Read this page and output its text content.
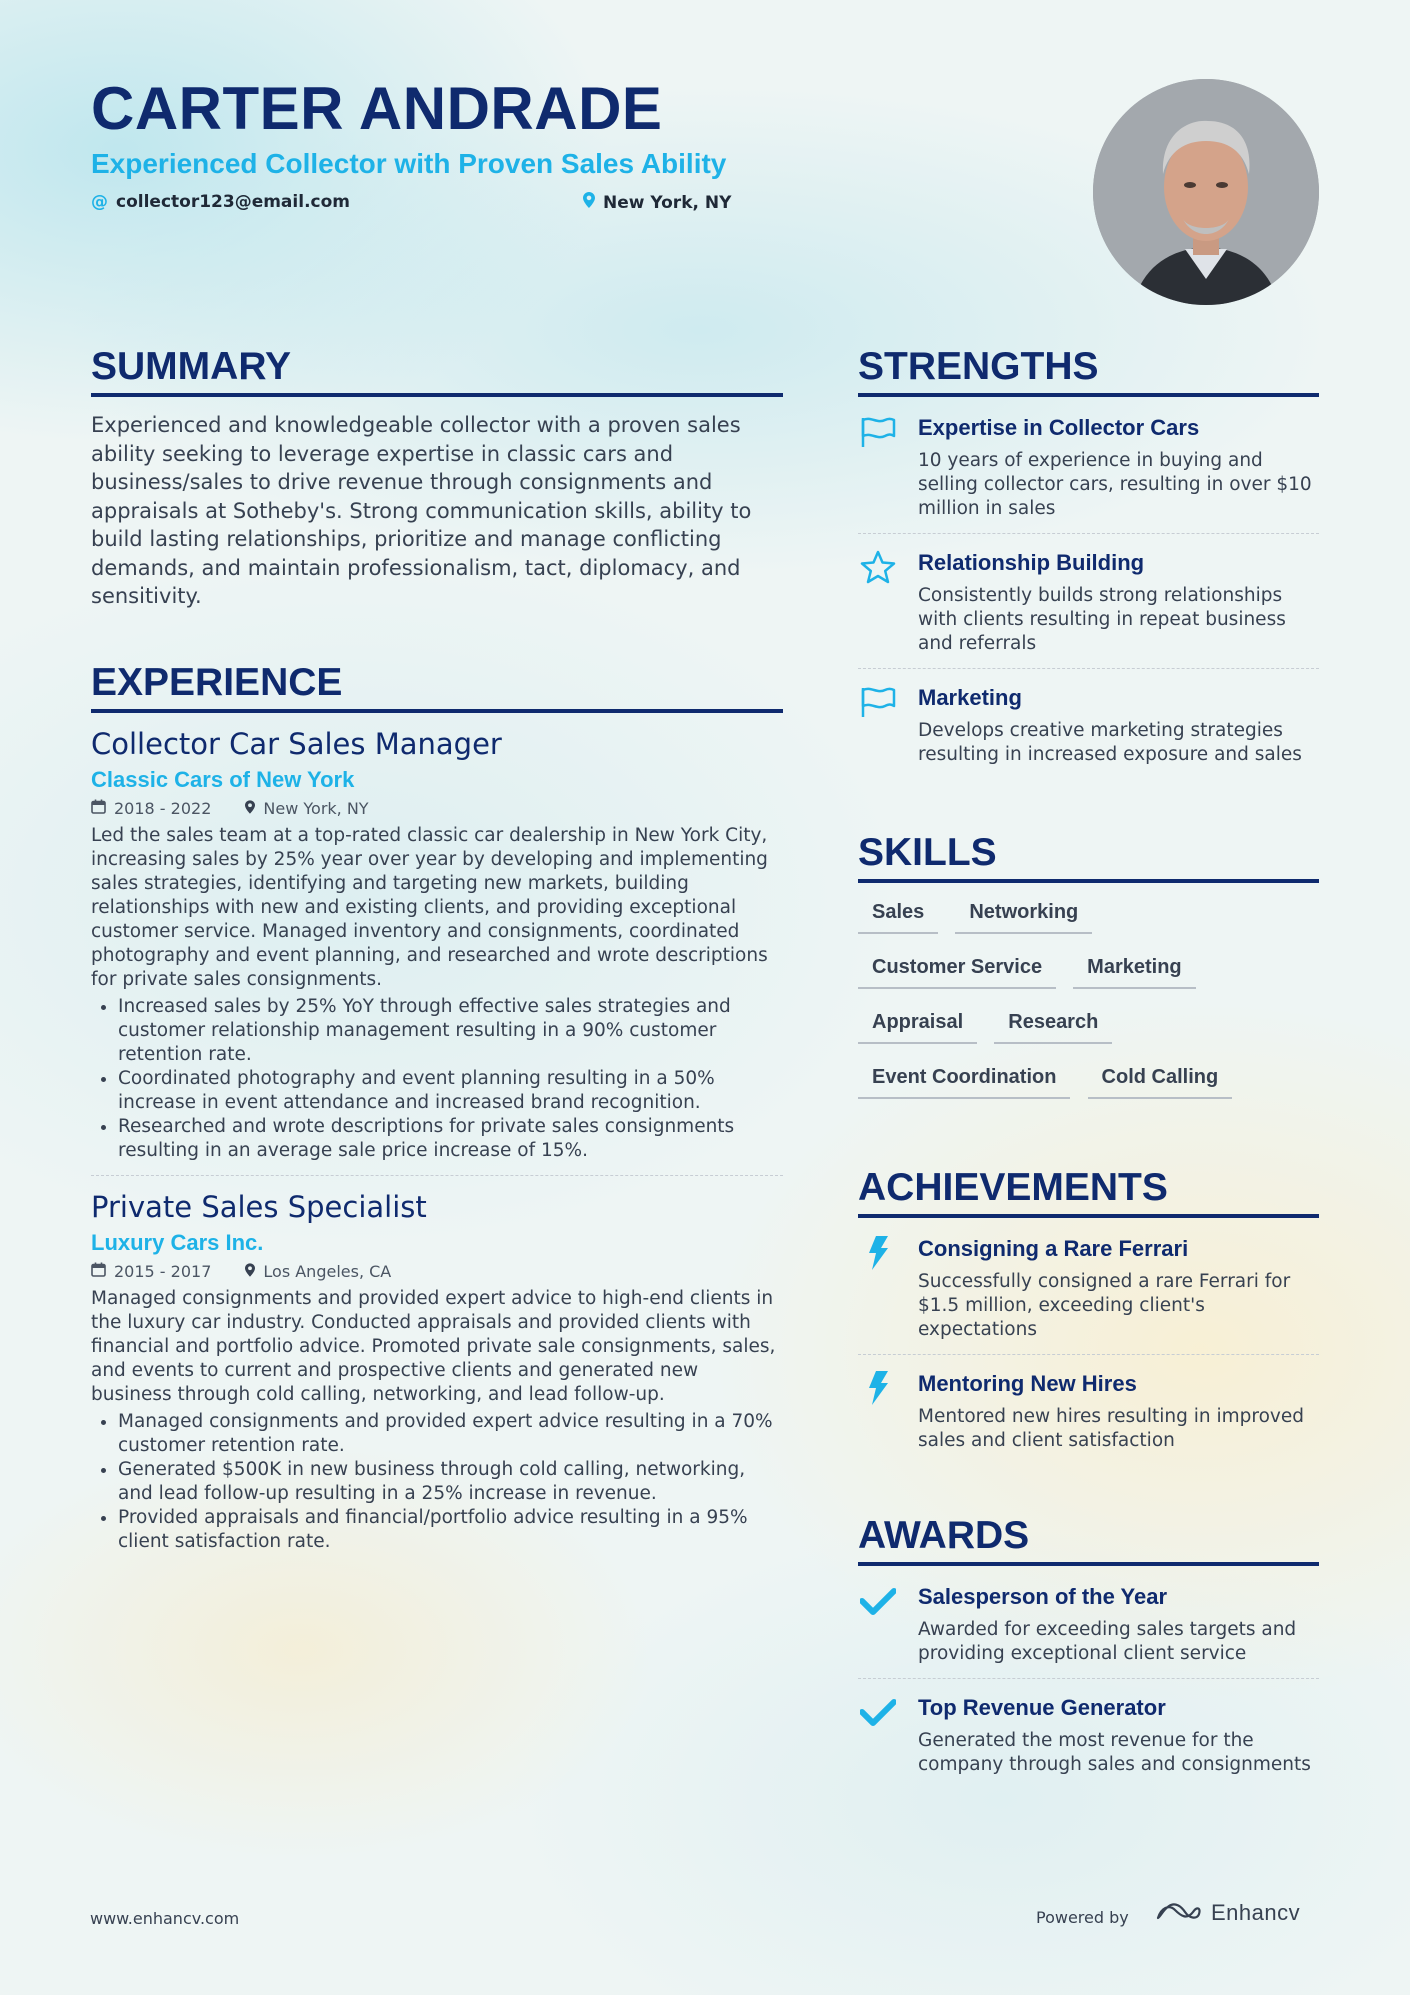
CARTER ANDRADE
Experienced Collector with Proven Sales Ability
@ collector123@email.com	New York, NY
SUMMARY
Experienced and knowledgeable collector with a proven sales ability seeking to leverage expertise in classic cars and business/sales to drive revenue through consignments and appraisals at Sotheby's. Strong communication skills, ability to build lasting relationships, prioritize and manage conflicting demands, and maintain professionalism, tact, diplomacy, and sensitivity.
EXPERIENCE
Collector Car Sales Manager
Classic Cars of New York
2018 - 2022	New York, NY
Led the sales team at a top-rated classic car dealership in New York City, increasing sales by 25% year over year by developing and implementing sales strategies, identifying and targeting new markets, building relationships with new and existing clients, and providing exceptional customer service. Managed inventory and consignments, coordinated photography and event planning, and researched and wrote descriptions for private sales consignments.
• Increased sales by 25% YoY through effective sales strategies and customer relationship management resulting in a 90% customer retention rate.
• Coordinated photography and event planning resulting in a 50% increase in event attendance and increased brand recognition.
• Researched and wrote descriptions for private sales consignments resulting in an average sale price increase of 15%.
Private Sales Specialist
Luxury Cars Inc.
2015 - 2017	Los Angeles, CA
Managed consignments and provided expert advice to high-end clients in the luxury car industry. Conducted appraisals and provided clients with financial and portfolio advice. Promoted private sale consignments, sales, and events to current and prospective clients and generated new business through cold calling, networking, and lead follow-up.
• Managed consignments and provided expert advice resulting in a 70% customer retention rate.
• Generated $500K in new business through cold calling, networking, and lead follow-up resulting in a 25% increase in revenue.
• Provided appraisals and financial/portfolio advice resulting in a 95% client satisfaction rate.
STRENGTHS
Expertise in Collector Cars
10 years of experience in buying and selling collector cars, resulting in over $10 million in sales
Relationship Building
Consistently builds strong relationships with clients resulting in repeat business and referrals
Marketing
Develops creative marketing strategies resulting in increased exposure and sales
SKILLS
Sales Networking
Customer Service Marketing
Appraisal Research
Event Coordination Cold Calling
ACHIEVEMENTS
Consigning a Rare Ferrari
Successfully consigned a rare Ferrari for $1.5 million, exceeding client's expectations
Mentoring New Hires
Mentored new hires resulting in improved sales and client satisfaction
AWARDS
Salesperson of the Year
Awarded for exceeding sales targets and providing exceptional client service
Top Revenue Generator
Generated the most revenue for the company through sales and consignments
www.enhancv.com	Powered by	Enhancv
